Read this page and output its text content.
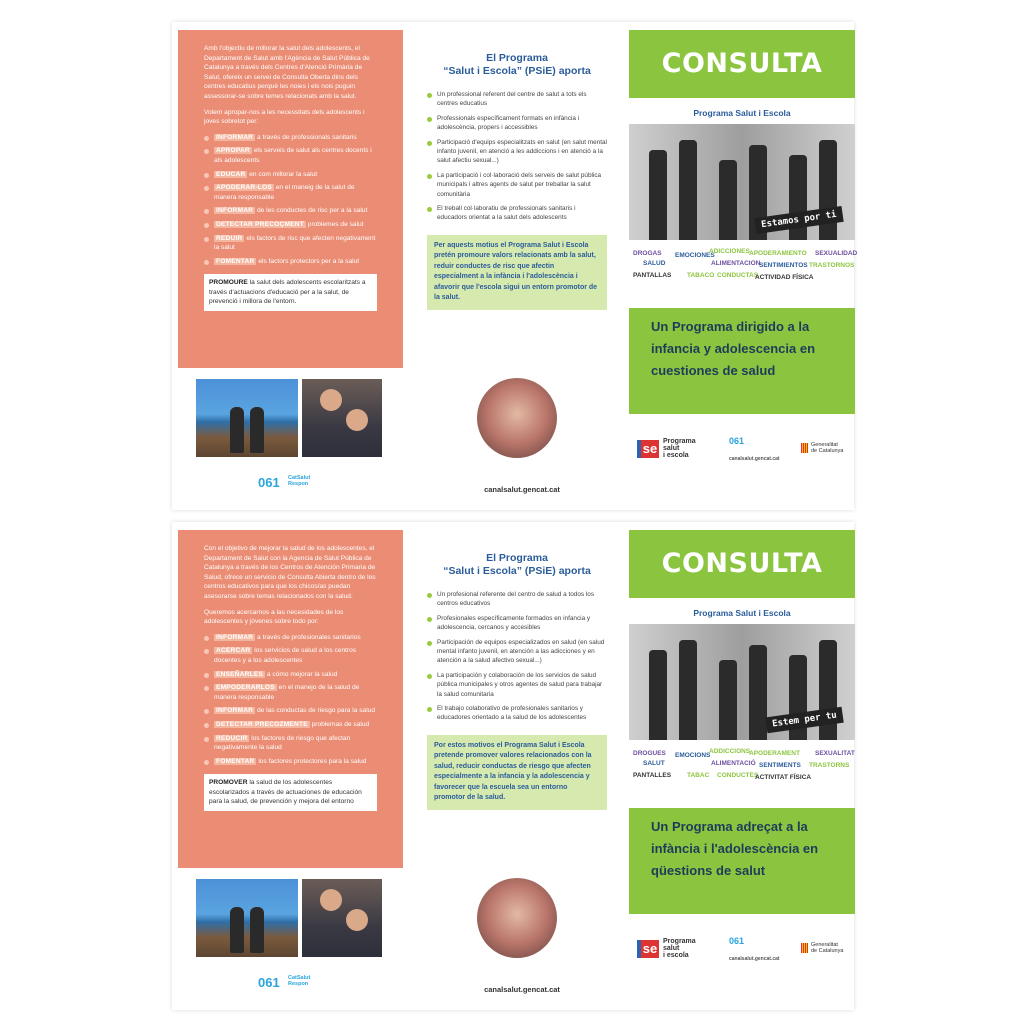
Amb l'objectiu de millorar la salut dels adolescents, el Departament de Salut amb l'Agència de Salut Pública de Catalunya a través dels Centres d'Atenció Primària de Salut, ofereix un servei de Consulta Oberta dins dels centres educatius perquè les noies i els nois puguin assessorar-se sobre temes relacionats amb la salut.

Volem apropar-nos a les necessitats dels adolescents i joves sobretot per:

INFORMAR a través de professionals sanitaris
APROPAR els serveis de salut als centres docents i als adolescents
EDUCAR en com millorar la salut
APODERAR-LOS en el maneig de la salut de manera responsable
INFORMAR de les conductes de risc per a la salut
DETECTAR PRECOÇMENT problemes de salut
REDUIR els factors de risc que afecten negativament la salut
FOMENTAR els factors protectors per a la salut
PROMOURE la salut dels adolescents escolaritzats a través d'actuacions d'educació per a la salut, de prevenció i millora de l'entorn.
061 CatSalut Respon
El Programa
“Salut i Escola” (PSiE) aporta
Un professional referent del centre de salut a tots els centres educatius
Professionals específicament formats en infància i adolescència, propers i accessibles
Participació d'equips especialitzats en salut (en salut mental infanto juvenil, en atenció a les addiccions i en atenció a la salut afectiu sexual...)
La participació i col·laboració dels serveis de salut pública municipals i altres agents de salut per treballar la salut comunitària
El treball col·laboratiu de professionals sanitaris i educadors orientat a la salut dels adolescents
Per aquests motius el Programa Salut i Escola pretén promoure valors relacionats amb la salut, reduir conductes de risc que afectin especialment a la infància i l'adolescència i afavorir que l'escola sigui un entorn promotor de la salut.
canalsalut.gencat.cat
CONSULTA
Programa Salut i Escola
Estamos por ti
DROGAS
SALUD
PANTALLAS
EMOCIONES
ADICCIONES
ALIMENTACION
TABACO CONDUCTAS
APODERAMIENTO
SENTIMIENTOS
ACTIVIDAD FÍSICA
SEXUALIDAD
TRASTORNOS
Un Programa dirigido a la infancia y adolescencia en cuestiones de salud
se Programa
salut
i escola
061
canalsalut.gencat.cat
Generalitat
de Catalunya

Con el objetivo de mejorar la salud de los adolescentes, el Departament de Salut con la Agencia de Salut Pública de Catalunya a través de los Centros de Atención Primaria de Salud, ofrece un servicio de Consulta Abierta dentro de los centros educativos para que los chicos/as puedan asesorarse sobre temas relacionados con la salud.

Queremos acercarnos a las necesidades de los adolescentes y jóvenes sobre todo por:

INFORMAR a través de profesionales sanitarios
ACERCAR los servicios de salud a los centros docentes y a los adolescentes
ENSEÑARLES a cómo mejorar la salud
EMPODERARLOS en el manejo de la salud de manera responsable
INFORMAR de las conductas de riesgo para la salud
DETECTAR PRECOZMENTE problemas de salud
REDUCIR los factores de riesgo que afectan negativamente la salud
FOMENTAR los factores protectores para la salud
PROMOVER la salud de los adolescentes escolarizados a través de actuaciones de educación para la salud, de prevención y mejora del entorno
061 CatSalut Respon
El Programa
“Salut i Escola” (PSiE) aporta
Un profesional referente del centro de salud a todos los centros educativos
Profesionales específicamente formados en infancia y adolescencia, cercanos y accesibles
Participación de equipos especializados en salud (en salud mental infanto juvenil, en atención a las adicciones y en atención a la salud afectivo sexual...)
La participación y colaboración de los servicios de salud pública municipales y otros agentes de salud para trabajar la salud comunitaria
El trabajo colaborativo de profesionales sanitarios y educadores orientado a la salud de los adolescentes
Por estos motivos el Programa Salut i Escola pretende promover valores relacionados con la salud, reducir conductas de riesgo que afecten especialmente a la infancia y la adolescencia y favorecer que la escuela sea un entorno promotor de la salud.
canalsalut.gencat.cat
CONSULTA
Programa Salut i Escola
Estem per tu
DROGUES
SALUT
PANTALLES
EMOCIONS
ADDICCIONS
ALIMENTACIÓ
TABAC CONDUCTES
APODERAMENT
SENTIMENTS
ACTIVITAT FÍSICA
SEXUALITAT
TRASTORNS
Un Programa adreçat a la infància i l'adolescència en qüestions de salut
se Programa
salut
i escola
061
canalsalut.gencat.cat
Generalitat
de Catalunya
